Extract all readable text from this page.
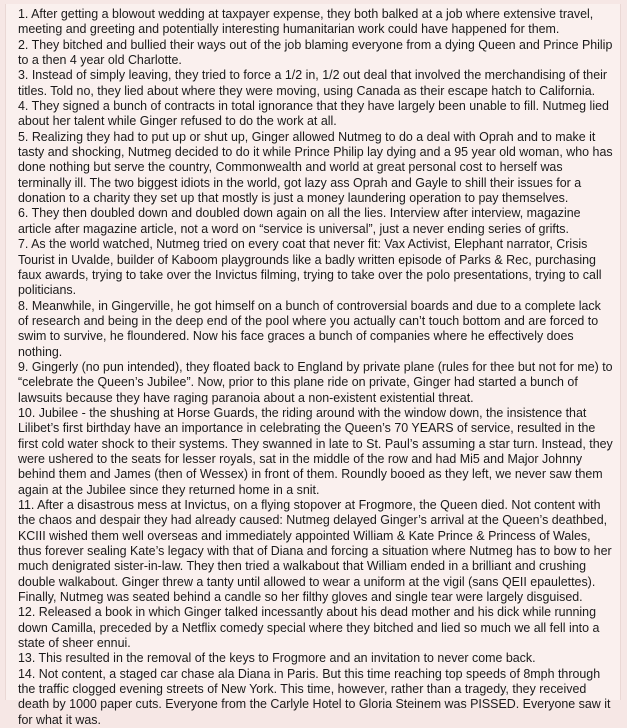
1. After getting a blowout wedding at taxpayer expense, they both balked at a job where extensive travel, meeting and greeting and potentially interesting humanitarian work could have happened for them.

2. They bitched and bullied their ways out of the job blaming everyone from a dying Queen and Prince Philip to a then 4 year old Charlotte.

3. Instead of simply leaving, they tried to force a 1/2 in, 1/2 out deal that involved the merchandising of their titles. Told no, they lied about where they were moving, using Canada as their escape hatch to California.

4. They signed a bunch of contracts in total ignorance that they have largely been unable to fill. Nutmeg lied about her talent while Ginger refused to do the work at all.

5. Realizing they had to put up or shut up, Ginger allowed Nutmeg to do a deal with Oprah and to make it tasty and shocking, Nutmeg decided to do it while Prince Philip lay dying and a 95 year old woman, who has done nothing but serve the country, Commonwealth and world at great personal cost to herself was terminally ill. The two biggest idiots in the world, got lazy ass Oprah and Gayle to shill their issues for a donation to a charity they set up that mostly is just a money laundering operation to pay themselves.

6. They then doubled down and doubled down again on all the lies. Interview after interview, magazine article after magazine article, not a word on “service is universal”, just a never ending series of grifts.

7. As the world watched, Nutmeg tried on every coat that never fit: Vax Activist, Elephant narrator, Crisis Tourist in Uvalde, builder of Kaboom playgrounds like a badly written episode of Parks & Rec, purchasing faux awards, trying to take over the Invictus filming, trying to take over the polo presentations, trying to call politicians.

8. Meanwhile, in Gingerville, he got himself on a bunch of controversial boards and due to a complete lack of research and being in the deep end of the pool where you actually can’t touch bottom and are forced to swim to survive, he floundered. Now his face graces a bunch of companies where he effectively does nothing.

9. Gingerly (no pun intended), they floated back to England by private plane (rules for thee but not for me) to “celebrate the Queen’s Jubilee”. Now, prior to this plane ride on private, Ginger had started a bunch of lawsuits because they have raging paranoia about a non-existent existential threat.

10. Jubilee - the shushing at Horse Guards, the riding around with the window down, the insistence that Lilibet’s first birthday have an importance in celebrating the Queen’s 70 YEARS of service, resulted in the first cold water shock to their systems. They swanned in late to St. Paul’s assuming a star turn. Instead, they were ushered to the seats for lesser royals, sat in the middle of the row and had Mi5 and Major Johnny behind them and James (then of Wessex) in front of them. Roundly booed as they left, we never saw them again at the Jubilee since they returned home in a snit.

11. After a disastrous mess at Invictus, on a flying stopover at Frogmore, the Queen died. Not content with the chaos and despair they had already caused: Nutmeg delayed Ginger’s arrival at the Queen’s deathbed, KCIII wished them well overseas and immediately appointed William & Kate Prince & Princess of Wales, thus forever sealing Kate’s legacy with that of Diana and forcing a situation where Nutmeg has to bow to her much denigrated sister-in-law. They then tried a walkabout that William ended in a brilliant and crushing double walkabout. Ginger threw a tanty until allowed to wear a uniform at the vigil (sans QEII epaulettes). Finally, Nutmeg was seated behind a candle so her filthy gloves and single tear were largely disguised.

12. Released a book in which Ginger talked incessantly about his dead mother and his dick while running down Camilla, preceded by a Netflix comedy special where they bitched and lied so much we all fell into a state of sheer ennui.

13. This resulted in the removal of the keys to Frogmore and an invitation to never come back.

14. Not content, a staged car chase ala Diana in Paris. But this time reaching top speeds of 8mph through the traffic clogged evening streets of New York. This time, however, rather than a tragedy, they received death by 1000 paper cuts. Everyone from the Carlyle Hotel to Gloria Steinem was PISSED. Everyone saw it for what it was.
